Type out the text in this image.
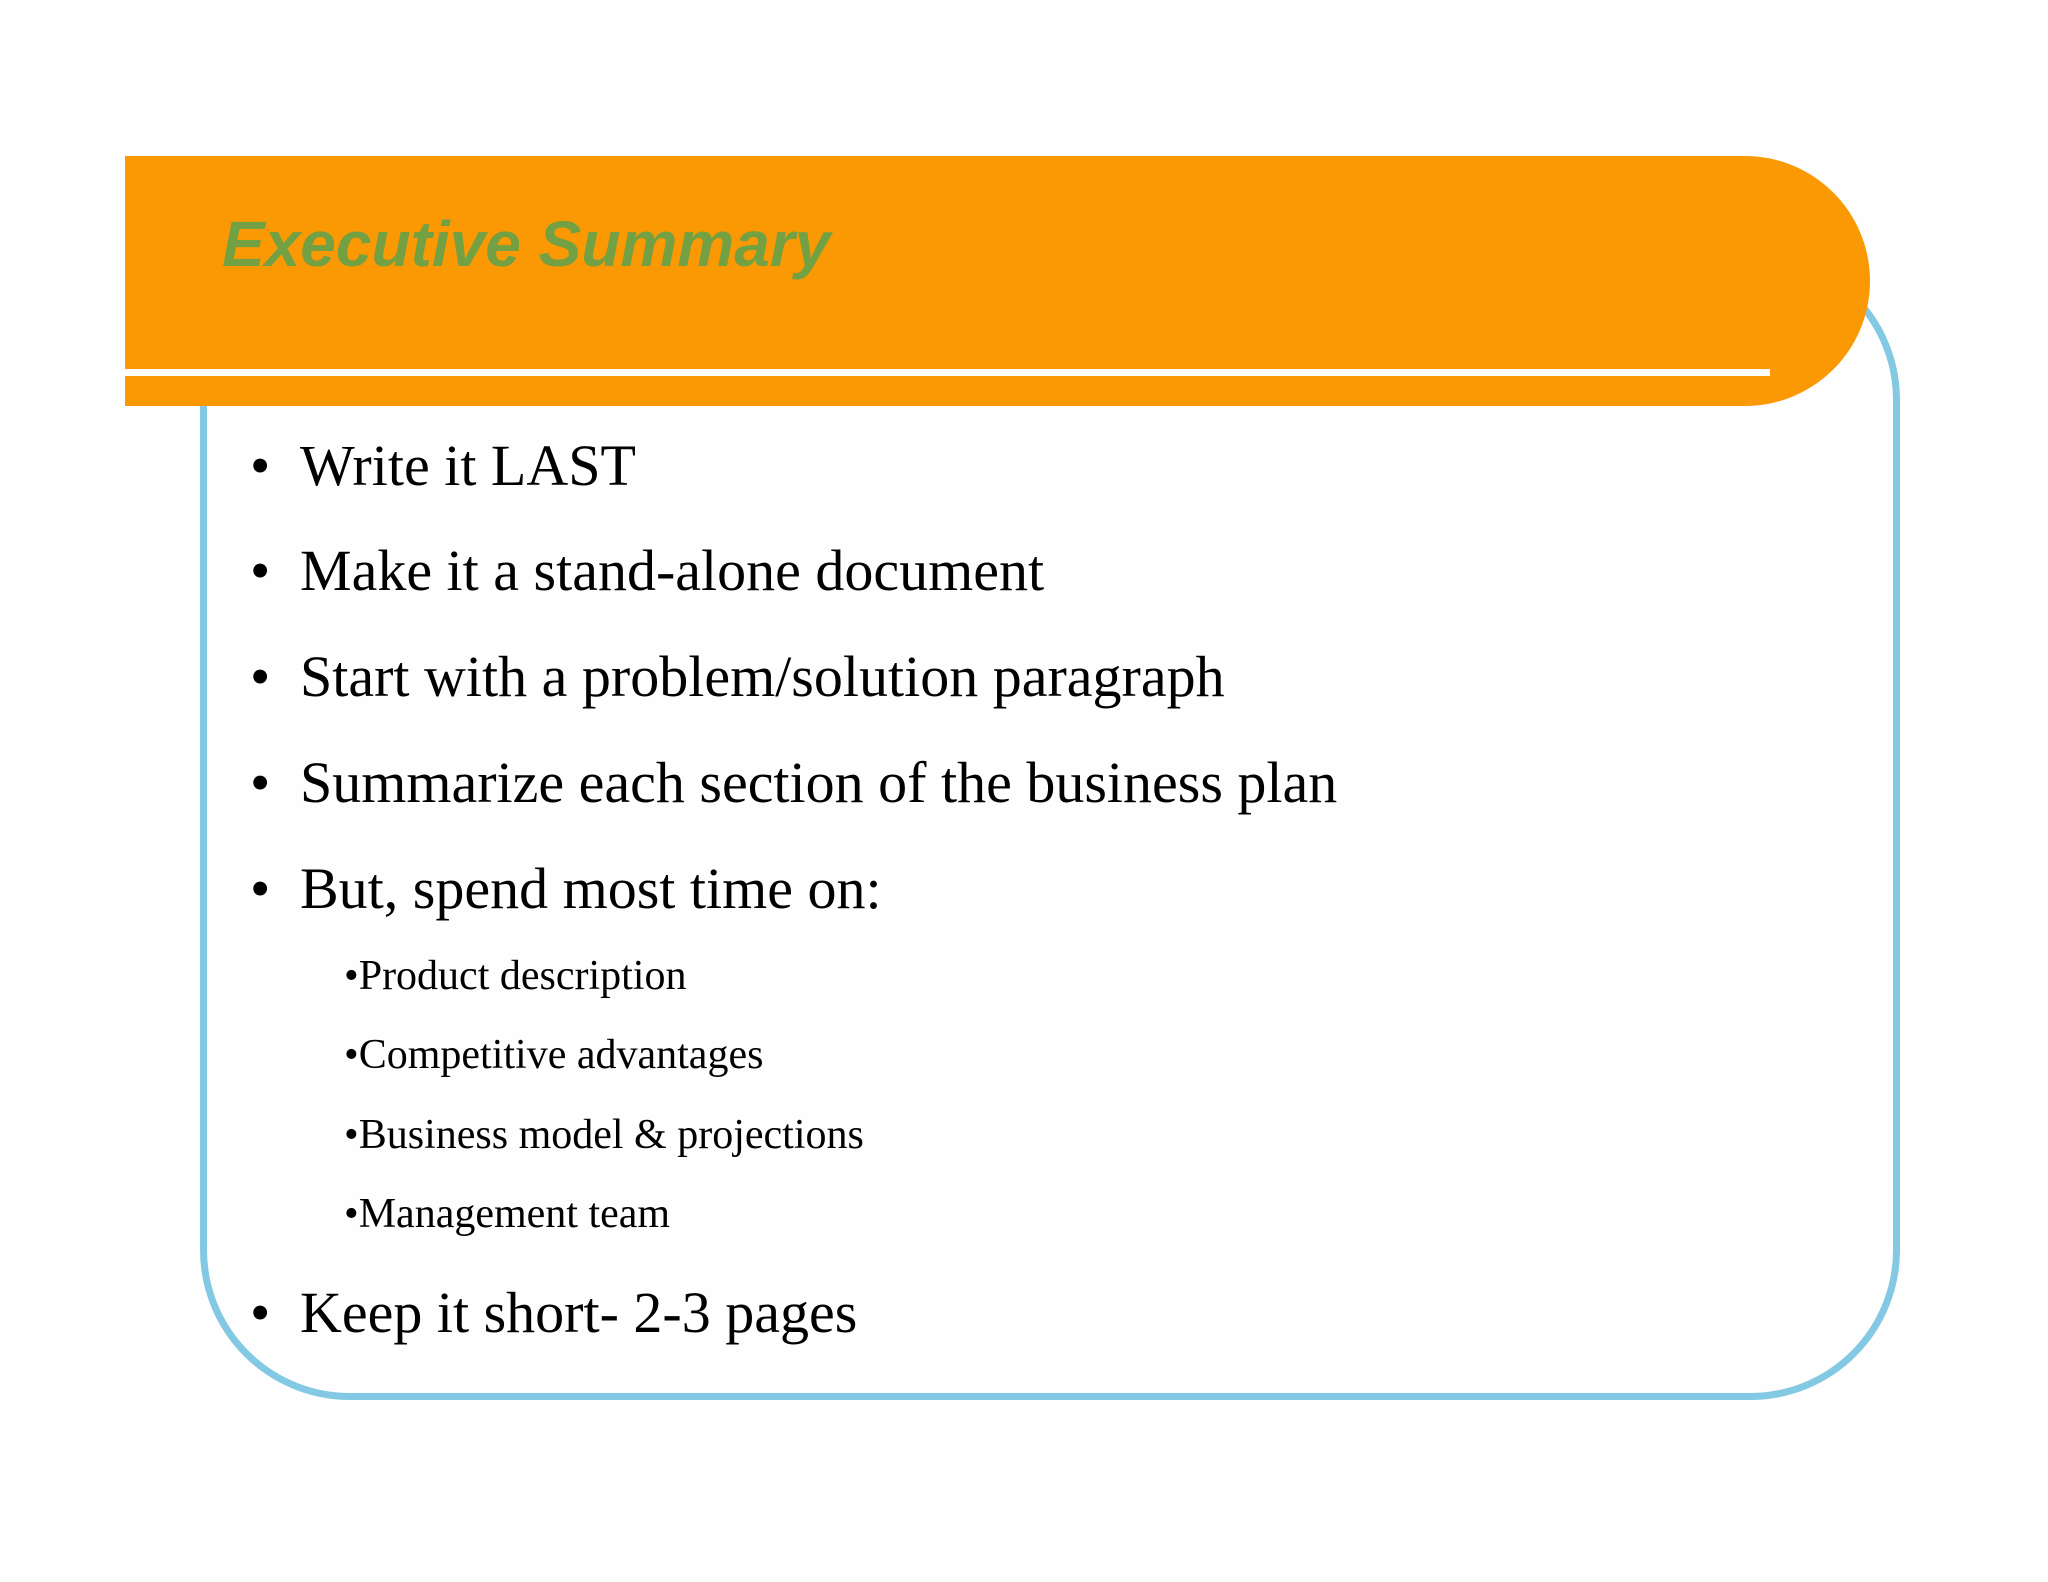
Executive Summary
• Write it LAST
• Make it a stand-alone document
• Start with a problem/solution paragraph
• Summarize each section of the business plan
• But, spend most time on:
•Product description
•Competitive advantages
•Business model & projections
•Management team
• Keep it short- 2-3 pages
